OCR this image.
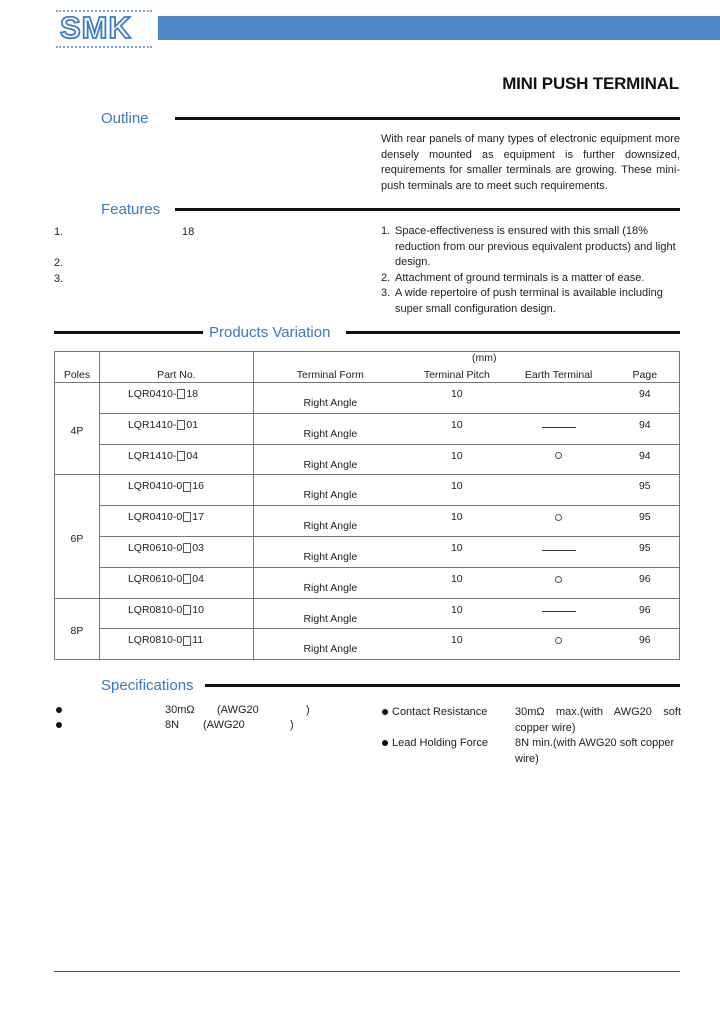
SMK
MINI PUSH TERMINAL
Outline
With rear panels of many types of electronic equipment more densely mounted as equipment is further downsized, requirements for smaller terminals are growing. These mini-push terminals are to meet such requirements.
Features
1.	18
2.
3.
1. Space-effectiveness is ensured with this small (18% reduction from our previous equivalent products) and light design.
2. Attachment of ground terminals is a matter of ease.
3. A wide repertoire of push terminal is available including super small configuration design.
Products Variation
(mm)
Poles	Part No.	Terminal Form	Terminal Pitch	Earth Terminal	Page
4P	LQR0410- 18	Right Angle	10		94
	LQR1410- 01	Right Angle	10		94
	LQR1410- 04	Right Angle	10		94
6P	LQR0410-0 16	Right Angle	10		95
	LQR0410-0 17	Right Angle	10		95
	LQR0610-0 03	Right Angle	10		95
	LQR0610-0 04	Right Angle	10		96
8P	LQR0810-0 10	Right Angle	10		96
	LQR0810-0 11	Right Angle	10		96
Specifications
30mΩ (AWG20	)
8N (AWG20	)
Contact Resistance	30mΩ max.(with AWG20 soft copper wire)
Lead Holding Force	8N min.(with AWG20 soft copper wire)
